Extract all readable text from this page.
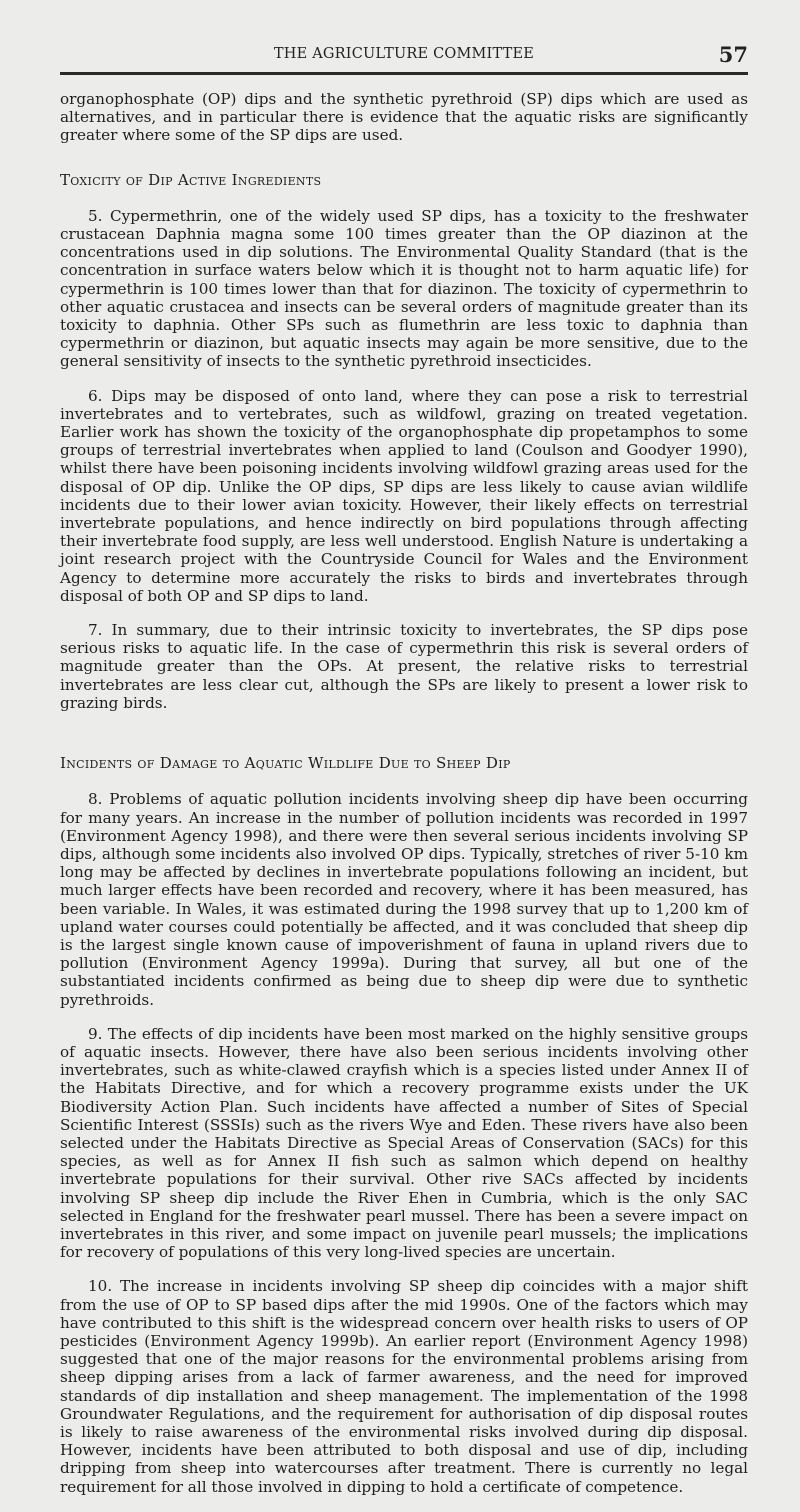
THE AGRICULTURE COMMITTEE	57

organophosphate (OP) dips and the synthetic pyrethroid (SP) dips which are used as alternatives, and in particular there is evidence that the aquatic risks are significantly greater where some of the SP dips are used.

Toxicity of Dip Active Ingredients

5. Cypermethrin, one of the widely used SP dips, has a toxicity to the freshwater crustacean Daphnia magna some 100 times greater than the OP diazinon at the concentrations used in dip solutions. The Environmental Quality Standard (that is the concentration in surface waters below which it is thought not to harm aquatic life) for cypermethrin is 100 times lower than that for diazinon. The toxicity of cypermethrin to other aquatic crustacea and insects can be several orders of magnitude greater than its toxicity to daphnia. Other SPs such as flumethrin are less toxic to daphnia than cypermethrin or diazinon, but aquatic insects may again be more sensitive, due to the general sensitivity of insects to the synthetic pyrethroid insecticides.

6. Dips may be disposed of onto land, where they can pose a risk to terrestrial invertebrates and to vertebrates, such as wildfowl, grazing on treated vegetation. Earlier work has shown the toxicity of the organophosphate dip propetamphos to some groups of terrestrial invertebrates when applied to land (Coulson and Goodyer 1990), whilst there have been poisoning incidents involving wildfowl grazing areas used for the disposal of OP dip. Unlike the OP dips, SP dips are less likely to cause avian wildlife incidents due to their lower avian toxicity. However, their likely effects on terrestrial invertebrate populations, and hence indirectly on bird populations through affecting their invertebrate food supply, are less well understood. English Nature is undertaking a joint research project with the Countryside Council for Wales and the Environment Agency to determine more accurately the risks to birds and invertebrates through disposal of both OP and SP dips to land.

7. In summary, due to their intrinsic toxicity to invertebrates, the SP dips pose serious risks to aquatic life. In the case of cypermethrin this risk is several orders of magnitude greater than the OPs. At present, the relative risks to terrestrial invertebrates are less clear cut, although the SPs are likely to present a lower risk to grazing birds.

Incidents of Damage to Aquatic Wildlife Due to Sheep Dip

8. Problems of aquatic pollution incidents involving sheep dip have been occurring for many years. An increase in the number of pollution incidents was recorded in 1997 (Environment Agency 1998), and there were then several serious incidents involving SP dips, although some incidents also involved OP dips. Typically, stretches of river 5-10 km long may be affected by declines in invertebrate populations following an incident, but much larger effects have been recorded and recovery, where it has been measured, has been variable. In Wales, it was estimated during the 1998 survey that up to 1,200 km of upland water courses could potentially be affected, and it was concluded that sheep dip is the largest single known cause of impoverishment of fauna in upland rivers due to pollution (Environment Agency 1999a). During that survey, all but one of the substantiated incidents confirmed as being due to sheep dip were due to synthetic pyrethroids.

9. The effects of dip incidents have been most marked on the highly sensitive groups of aquatic insects. However, there have also been serious incidents involving other invertebrates, such as white-clawed crayfish which is a species listed under Annex II of the Habitats Directive, and for which a recovery programme exists under the UK Biodiversity Action Plan. Such incidents have affected a number of Sites of Special Scientific Interest (SSSIs) such as the rivers Wye and Eden. These rivers have also been selected under the Habitats Directive as Special Areas of Conservation (SACs) for this species, as well as for Annex II fish such as salmon which depend on healthy invertebrate populations for their survival. Other rive SACs affected by incidents involving SP sheep dip include the River Ehen in Cumbria, which is the only SAC selected in England for the freshwater pearl mussel. There has been a severe impact on invertebrates in this river, and some impact on juvenile pearl mussels; the implications for recovery of populations of this very long-lived species are uncertain.

10. The increase in incidents involving SP sheep dip coincides with a major shift from the use of OP to SP based dips after the mid 1990s. One of the factors which may have contributed to this shift is the widespread concern over health risks to users of OP pesticides (Environment Agency 1999b). An earlier report (Environment Agency 1998) suggested that one of the major reasons for the environmental problems arising from sheep dipping arises from a lack of farmer awareness, and the need for improved standards of dip installation and sheep management. The implementation of the 1998 Groundwater Regulations, and the requirement for authorisation of dip disposal routes is likely to raise awareness of the environmental risks involved during dip disposal. However, incidents have been attributed to both disposal and use of dip, including dripping from sheep into watercourses after treatment. There is currently no legal requirement for all those involved in dipping to hold a certificate of competence.
